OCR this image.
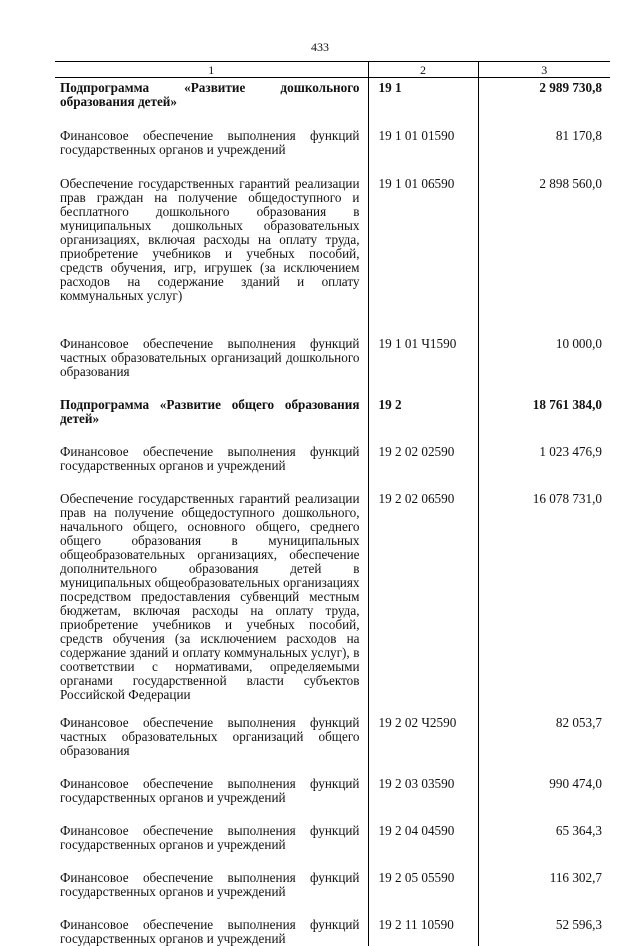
433
1	2	3
Подпрограмма «Развитие дошкольного образования детей»	19 1	2 989 730,8
Финансовое обеспечение выполнения функций государственных органов и учреждений	19 1 01 01590	81 170,8
Обеспечение государственных гарантий реализации прав граждан на получение общедоступного и бесплатного дошкольного образования в муниципальных дошкольных образовательных организациях, включая расходы на оплату труда, приобретение учебников и учебных пособий, средств обучения, игр, игрушек (за исключением расходов на содержание зданий и оплату коммунальных услуг)	19 1 01 06590	2 898 560,0
Финансовое обеспечение выполнения функций частных образовательных организаций дошкольного образования	19 1 01 Ч1590	10 000,0
Подпрограмма «Развитие общего образования детей»	19 2	18 761 384,0
Финансовое обеспечение выполнения функций государственных органов и учреждений	19 2 02 02590	1 023 476,9
Обеспечение государственных гарантий реализации прав на получение общедоступного дошкольного, начального общего, основного общего, среднего общего образования в муниципальных общеобразовательных организациях, обеспечение дополнительного образования детей в муниципальных общеобразовательных организациях посредством предоставления субвенций местным бюджетам, включая расходы на оплату труда, приобретение учебников и учебных пособий, средств обучения (за исключением расходов на содержание зданий и оплату коммунальных услуг), в соответствии с нормативами, определяемыми органами государственной власти субъектов Российской Федерации	19 2 02 06590	16 078 731,0
Финансовое обеспечение выполнения функций частных образовательных организаций общего образования	19 2 02 Ч2590	82 053,7
Финансовое обеспечение выполнения функций государственных органов и учреждений	19 2 03 03590	990 474,0
Финансовое обеспечение выполнения функций государственных органов и учреждений	19 2 04 04590	65 364,3
Финансовое обеспечение выполнения функций государственных органов и учреждений	19 2 05 05590	116 302,7
Финансовое обеспечение выполнения функций государственных органов и учреждений	19 2 11 10590	52 596,3
